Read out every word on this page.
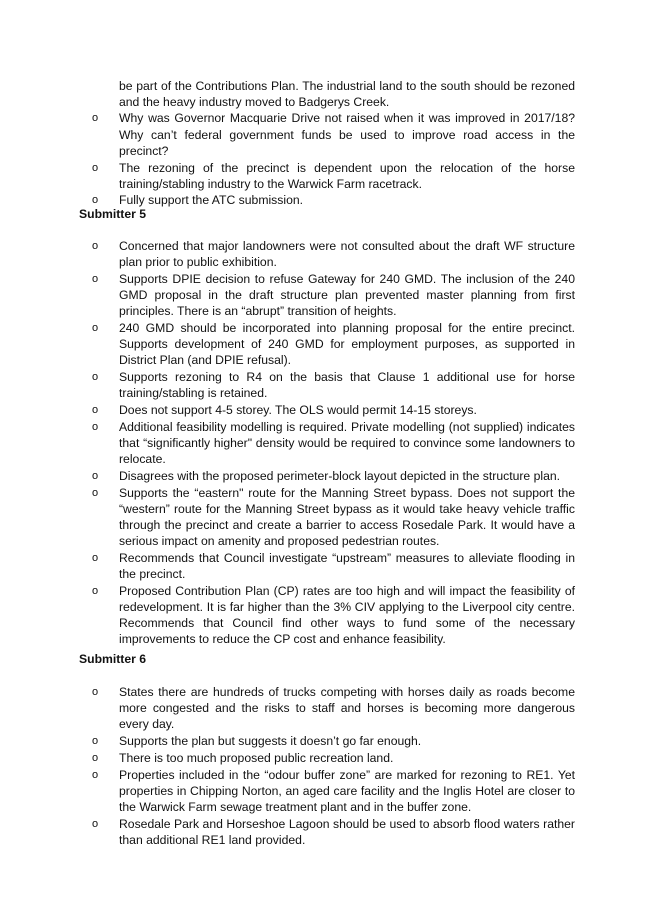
be part of the Contributions Plan. The industrial land to the south should be rezoned and the heavy industry moved to Badgerys Creek.
o Why was Governor Macquarie Drive not raised when it was improved in 2017/18? Why can’t federal government funds be used to improve road access in the precinct?
o The rezoning of the precinct is dependent upon the relocation of the horse training/stabling industry to the Warwick Farm racetrack.
o Fully support the ATC submission.
Submitter 5
o Concerned that major landowners were not consulted about the draft WF structure plan prior to public exhibition.
o Supports DPIE decision to refuse Gateway for 240 GMD. The inclusion of the 240 GMD proposal in the draft structure plan prevented master planning from first principles. There is an “abrupt” transition of heights.
o 240 GMD should be incorporated into planning proposal for the entire precinct. Supports development of 240 GMD for employment purposes, as supported in District Plan (and DPIE refusal).
o Supports rezoning to R4 on the basis that Clause 1 additional use for horse training/stabling is retained.
o Does not support 4-5 storey. The OLS would permit 14-15 storeys.
o Additional feasibility modelling is required. Private modelling (not supplied) indicates that “significantly higher" density would be required to convince some landowners to relocate.
o Disagrees with the proposed perimeter-block layout depicted in the structure plan.
o Supports the “eastern" route for the Manning Street bypass. Does not support the “western” route for the Manning Street bypass as it would take heavy vehicle traffic through the precinct and create a barrier to access Rosedale Park. It would have a serious impact on amenity and proposed pedestrian routes.
o Recommends that Council investigate “upstream” measures to alleviate flooding in the precinct.
o Proposed Contribution Plan (CP) rates are too high and will impact the feasibility of redevelopment. It is far higher than the 3% CIV applying to the Liverpool city centre. Recommends that Council find other ways to fund some of the necessary improvements to reduce the CP cost and enhance feasibility.
Submitter 6
o States there are hundreds of trucks competing with horses daily as roads become more congested and the risks to staff and horses is becoming more dangerous every day.
o Supports the plan but suggests it doesn’t go far enough.
o There is too much proposed public recreation land.
o Properties included in the “odour buffer zone” are marked for rezoning to RE1. Yet properties in Chipping Norton, an aged care facility and the Inglis Hotel are closer to the Warwick Farm sewage treatment plant and in the buffer zone.
o Rosedale Park and Horseshoe Lagoon should be used to absorb flood waters rather than additional RE1 land provided.
